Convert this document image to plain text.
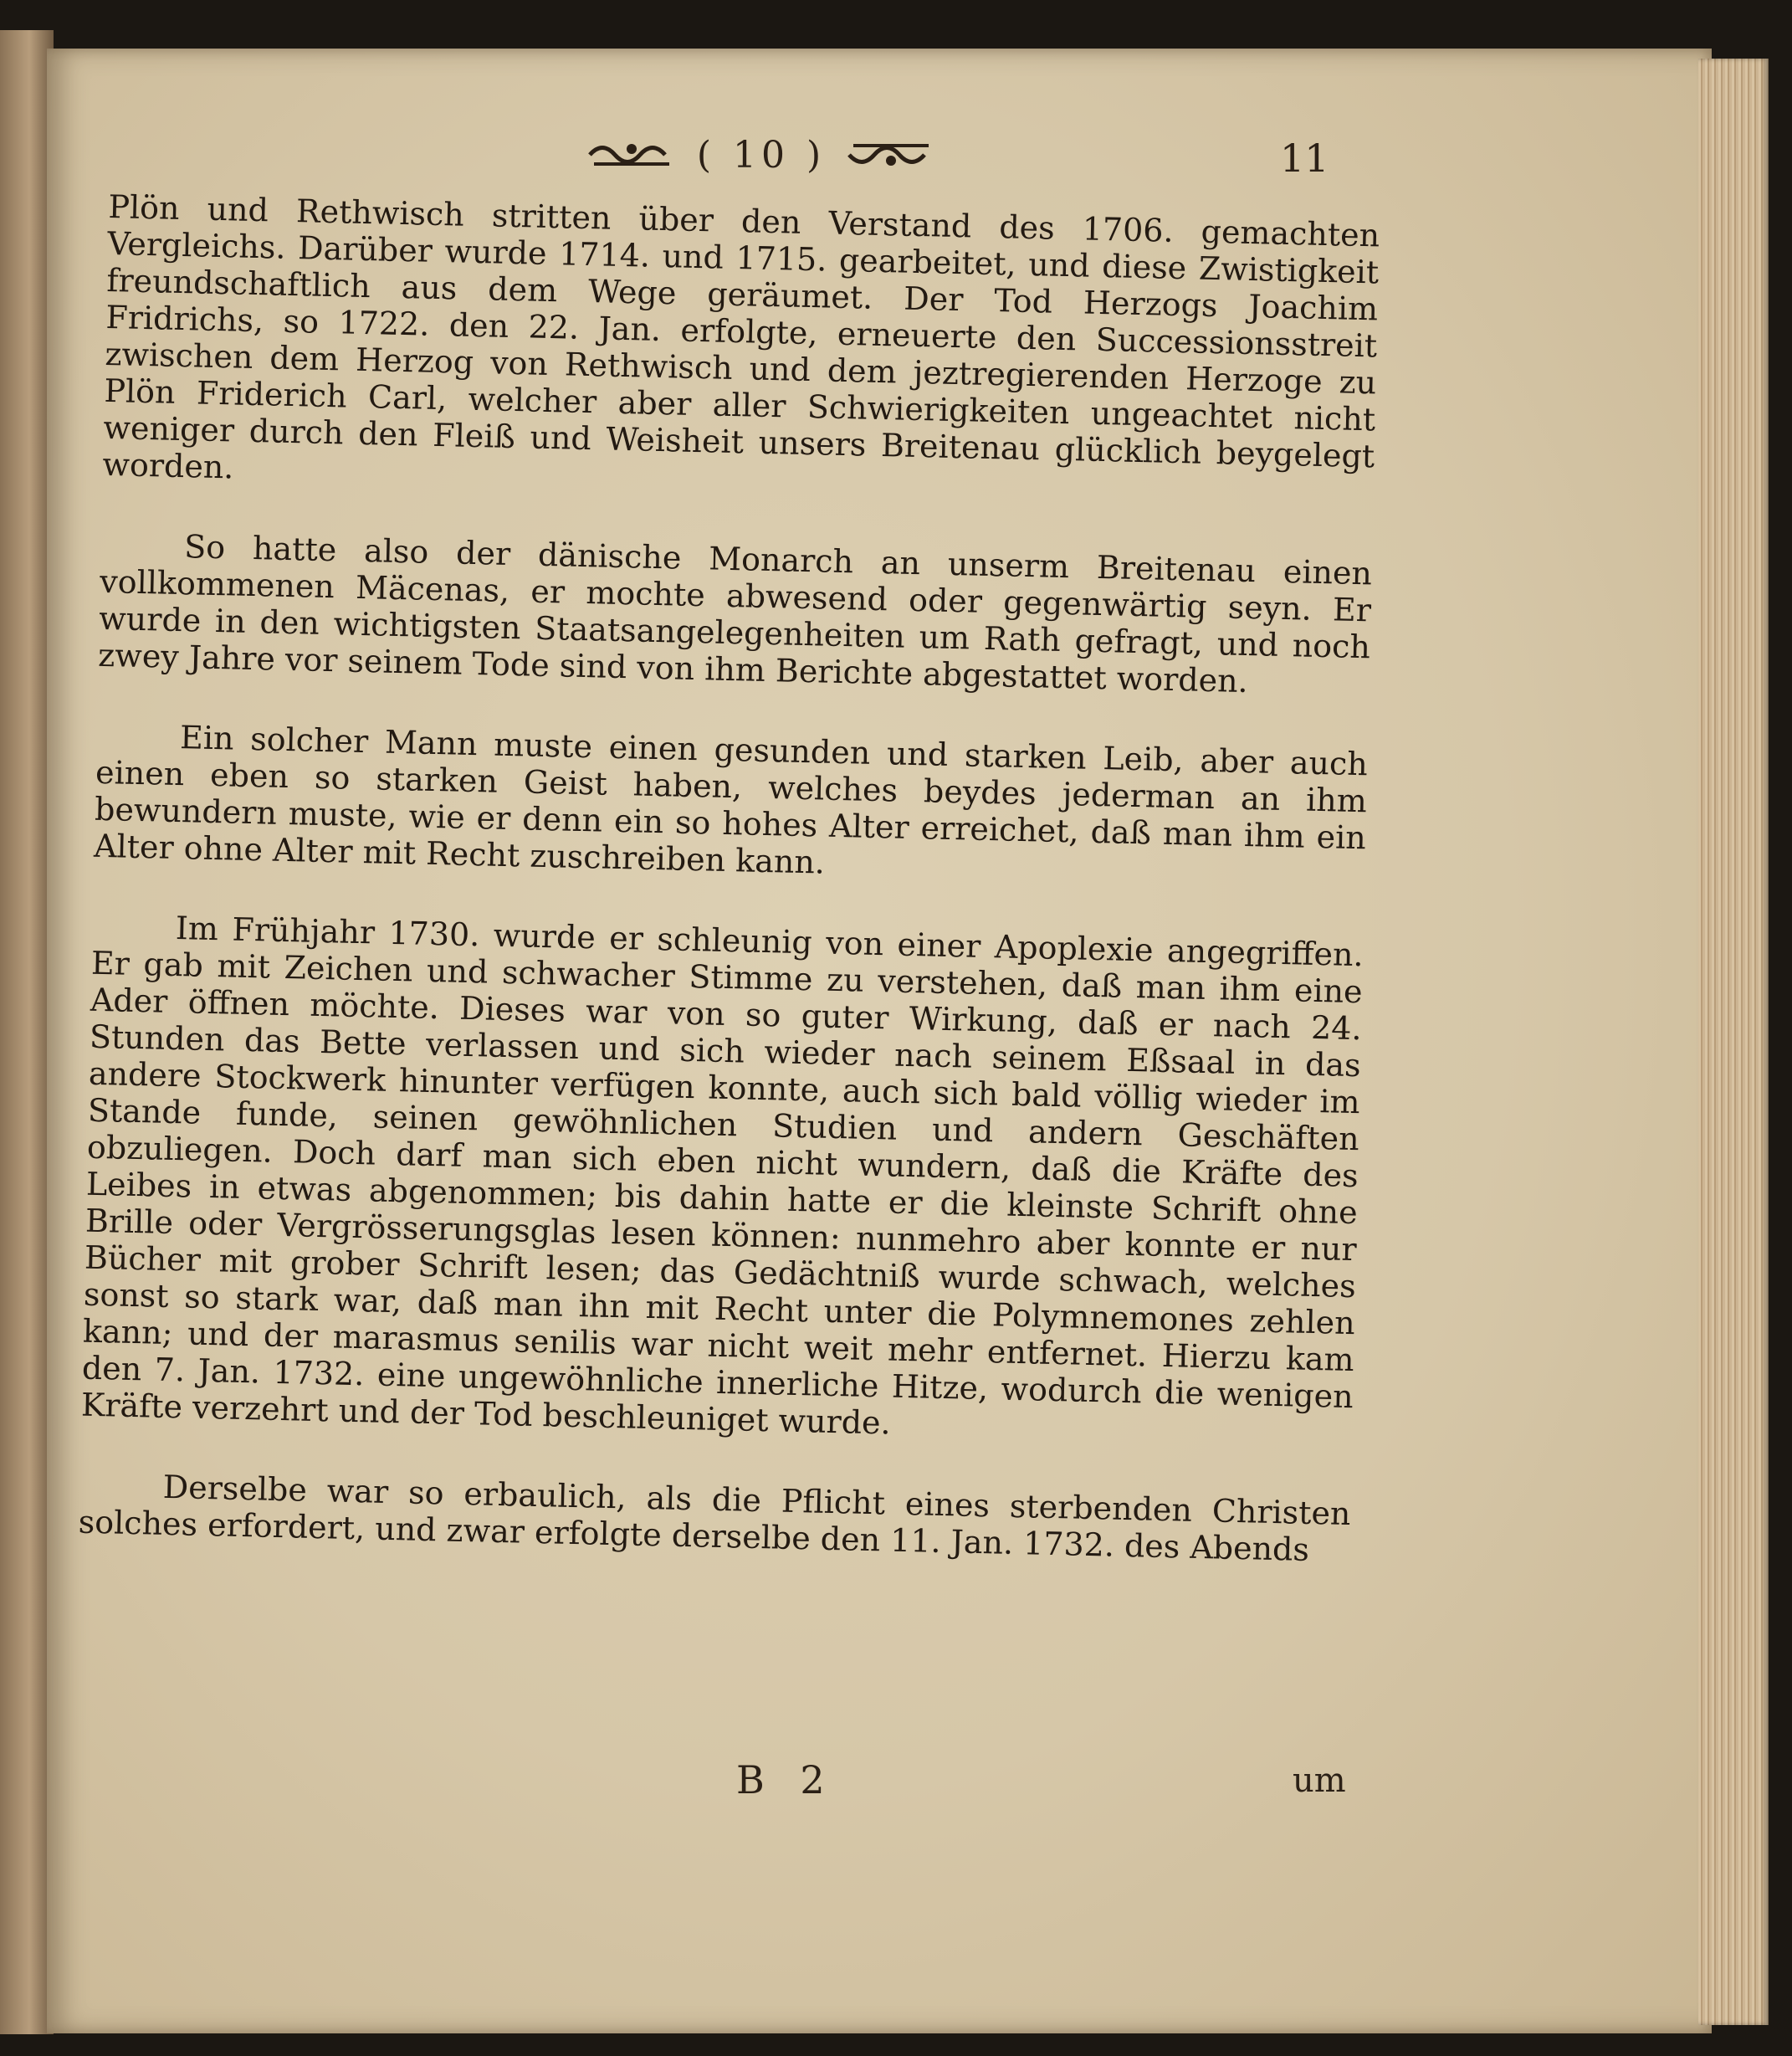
( 10 )	11

Plön und Rethwisch stritten über den Verstand des 1706. gemachten Vergleichs. Darüber wurde 1714. und 1715. gearbeitet, und diese Zwistigkeit freundschaftlich aus dem Wege geräumet. Der Tod Herzogs Joachim Fridrichs, so 1722. den 22. Jan. erfolgte, erneuerte den Successionsstreit zwischen dem Herzog von Rethwisch und dem jeztregierenden Herzoge zu Plön Friderich Carl, welcher aber aller Schwierigkeiten ungeachtet nicht weniger durch den Fleiß und Weisheit unsers Breitenau glücklich beygelegt worden.

So hatte also der dänische Monarch an unserm Breitenau einen vollkommenen Mäcenas, er mochte abwesend oder gegenwärtig seyn. Er wurde in den wichtigsten Staatsangelegenheiten um Rath gefragt, und noch zwey Jahre vor seinem Tode sind von ihm Berichte abgestattet worden.

Ein solcher Mann muste einen gesunden und starken Leib, aber auch einen eben so starken Geist haben, welches beydes jederman an ihm bewundern muste, wie er denn ein so hohes Alter erreichet, daß man ihm ein Alter ohne Alter mit Recht zuschreiben kann.

Im Frühjahr 1730. wurde er schleunig von einer Apoplexie angegriffen. Er gab mit Zeichen und schwacher Stimme zu verstehen, daß man ihm eine Ader öffnen möchte. Dieses war von so guter Wirkung, daß er nach 24. Stunden das Bette verlassen und sich wieder nach seinem Eßsaal in das andere Stockwerk hinunter verfügen konnte, auch sich bald völlig wieder im Stande funde, seinen gewöhnlichen Studien und andern Geschäften obzuliegen. Doch darf man sich eben nicht wundern, daß die Kräfte des Leibes in etwas abgenommen; bis dahin hatte er die kleinste Schrift ohne Brille oder Vergrösserungsglas lesen können: nunmehro aber konnte er nur Bücher mit grober Schrift lesen; das Gedächtniß wurde schwach, welches sonst so stark war, daß man ihn mit Recht unter die Polymnemones zehlen kann; und der marasmus senilis war nicht weit mehr entfernet. Hierzu kam den 7. Jan. 1732. eine ungewöhnliche innerliche Hitze, wodurch die wenigen Kräfte verzehrt und der Tod beschleuniget wurde.

Derselbe war so erbaulich, als die Pflicht eines sterbenden Christen solches erfordert, und zwar erfolgte derselbe den 11. Jan. 1732. des Abends

B 2	um
